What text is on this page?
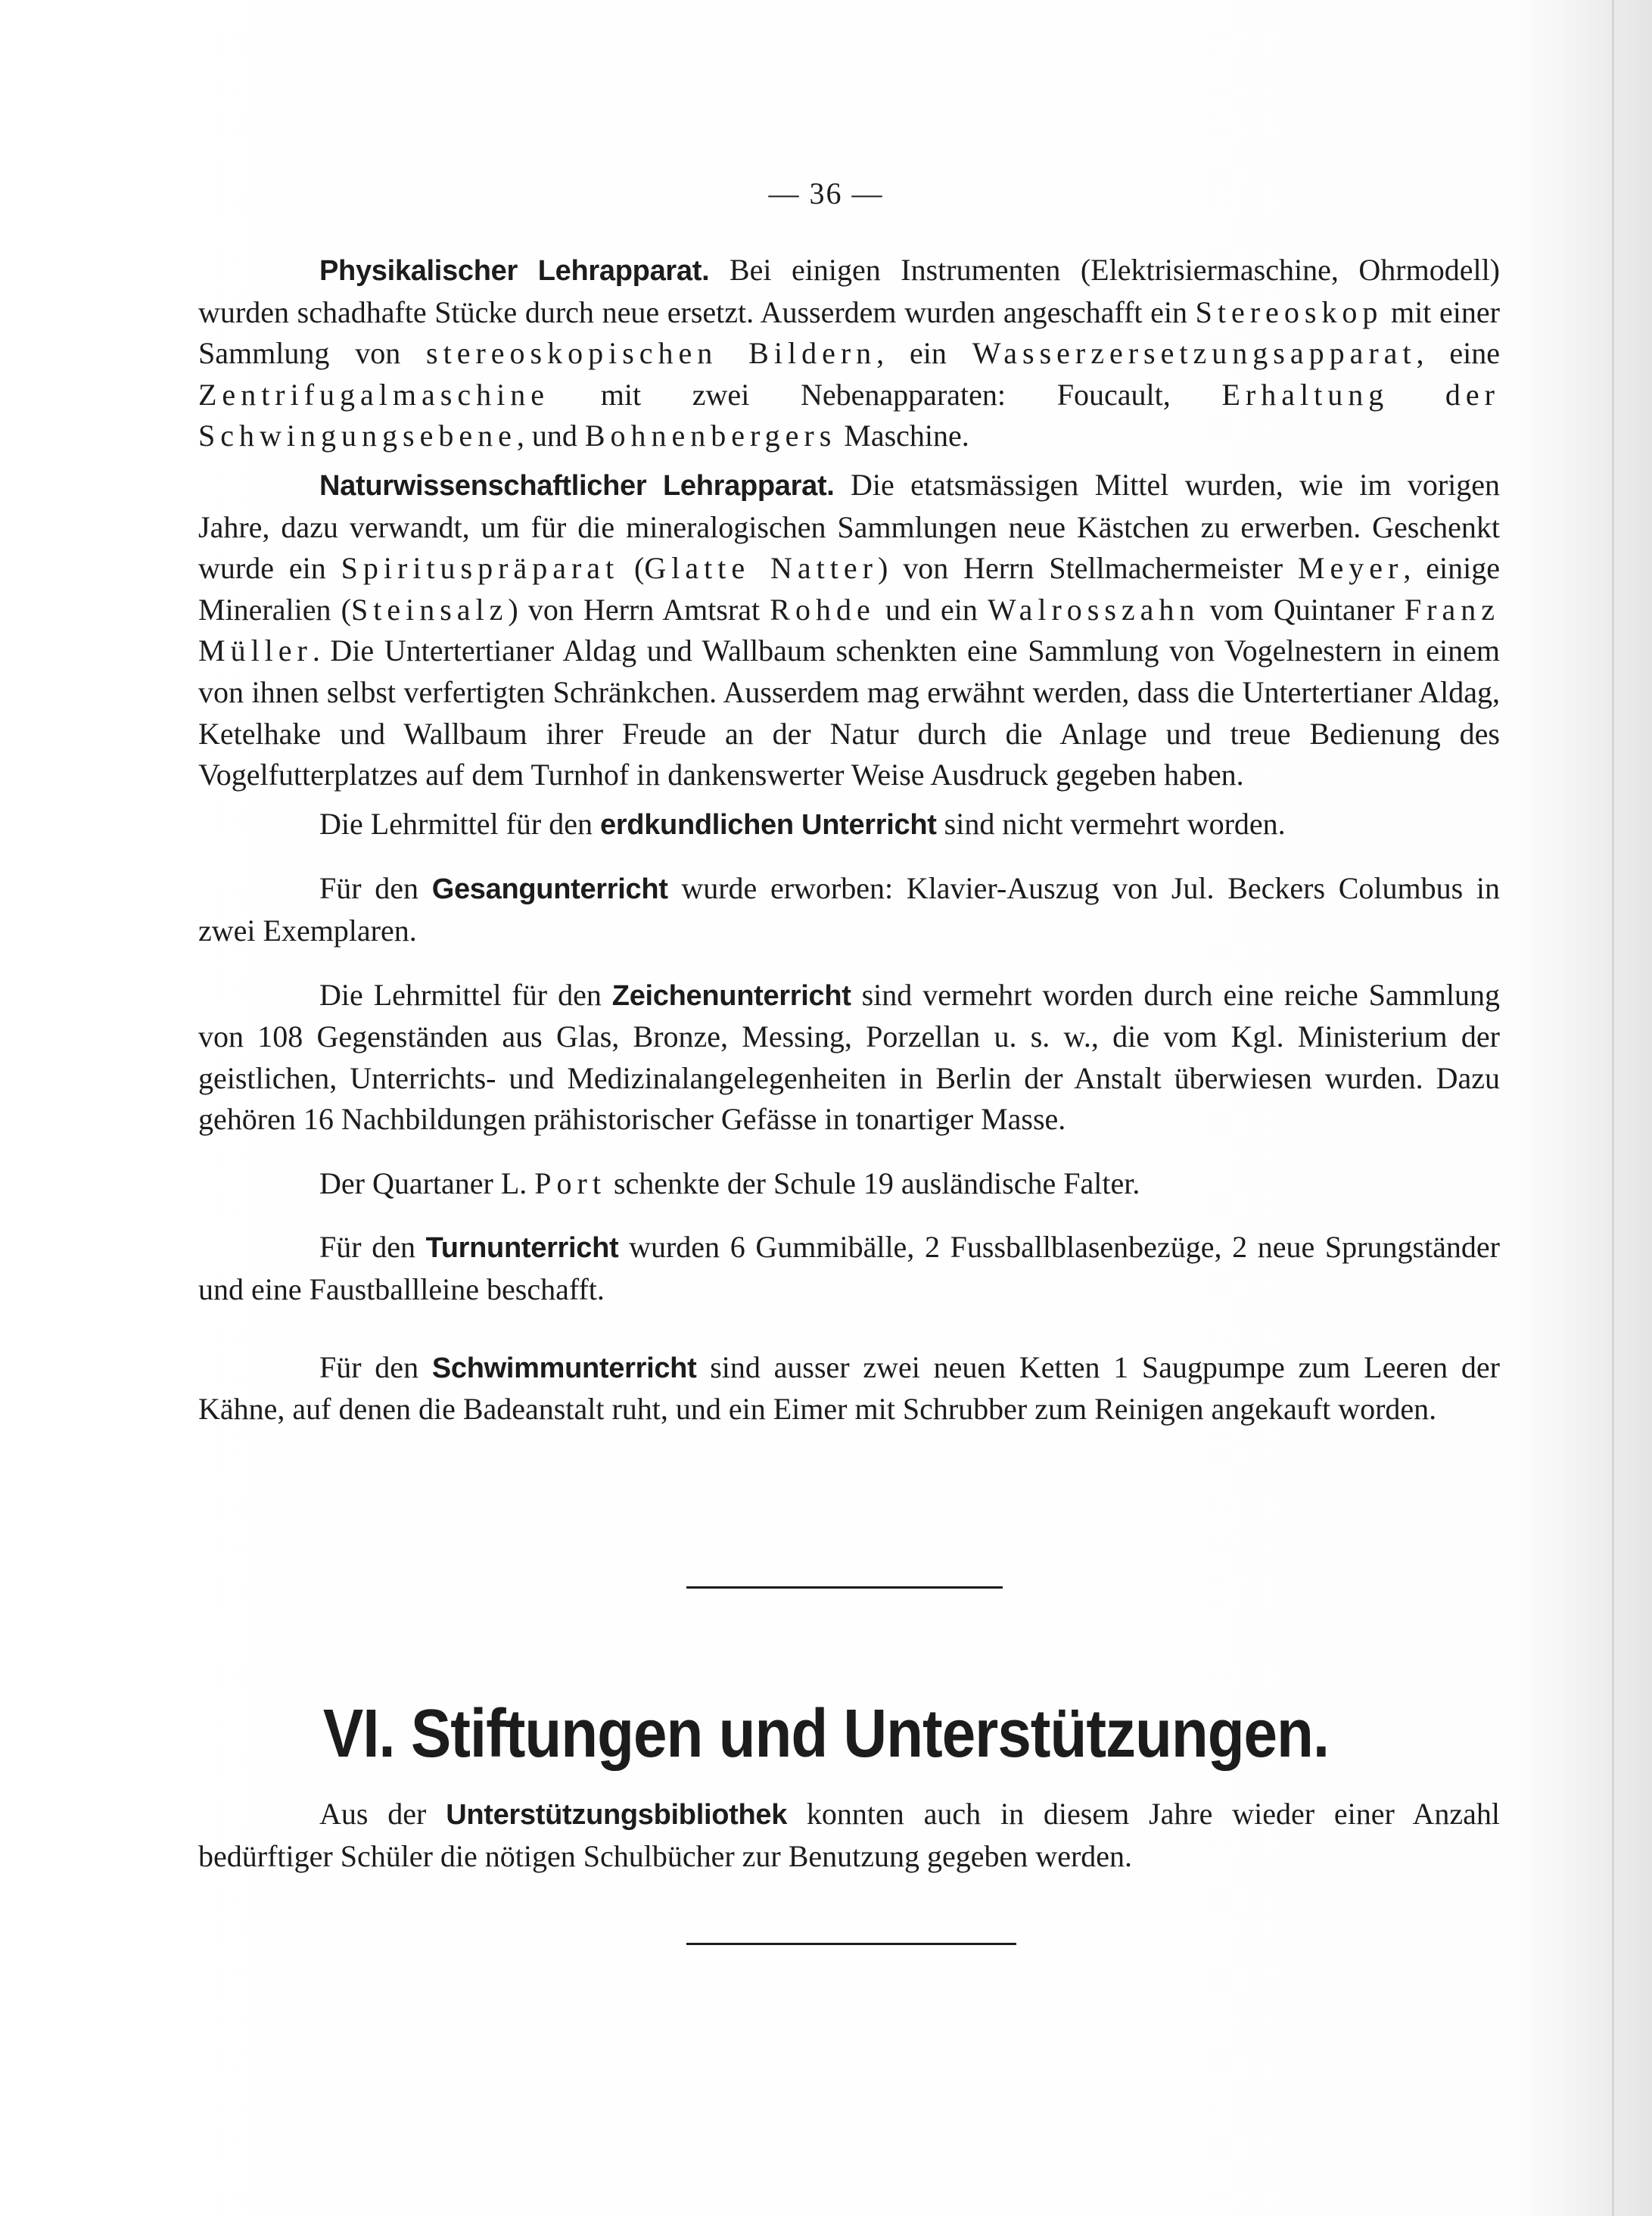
— 36 —

Physikalischer Lehrapparat. Bei einigen Instrumenten (Elektrisiermaschine, Ohrmodell) wurden schadhafte Stücke durch neue ersetzt. Ausserdem wurden angeschafft ein Stereoskop mit einer Sammlung von stereoskopischen Bildern, ein Wasserzersetzungsapparat, eine Zentrifugalmaschine mit zwei Nebenapparaten: Foucault, Erhaltung der Schwingungsebene, und Bohnenbergers Maschine.

Naturwissenschaftlicher Lehrapparat. Die etatsmässigen Mittel wurden, wie im vorigen Jahre, dazu verwandt, um für die mineralogischen Sammlungen neue Kästchen zu erwerben. Geschenkt wurde ein Spirituspräparat (Glatte Natter) von Herrn Stellmachermeister Meyer, einige Mineralien (Steinsalz) von Herrn Amtsrat Rohde und ein Walrosszahn vom Quintaner Franz Müller. Die Untertertianer Aldag und Wallbaum schenkten eine Sammlung von Vogelnestern in einem von ihnen selbst verfertigten Schränkchen. Ausserdem mag erwähnt werden, dass die Untertertianer Aldag, Ketelhake und Wallbaum ihrer Freude an der Natur durch die Anlage und treue Bedienung des Vogelfutterplatzes auf dem Turnhof in dankenswerter Weise Ausdruck gegeben haben.

Die Lehrmittel für den erdkundlichen Unterricht sind nicht vermehrt worden.

Für den Gesangunterricht wurde erworben: Klavier-Auszug von Jul. Beckers Columbus in zwei Exemplaren.

Die Lehrmittel für den Zeichenunterricht sind vermehrt worden durch eine reiche Sammlung von 108 Gegenständen aus Glas, Bronze, Messing, Porzellan u. s. w., die vom Kgl. Ministerium der geistlichen, Unterrichts- und Medizinalangelegenheiten in Berlin der Anstalt überwiesen wurden. Dazu gehören 16 Nachbildungen prähistorischer Gefässe in tonartiger Masse.

Der Quartaner L. Port schenkte der Schule 19 ausländische Falter.

Für den Turnunterricht wurden 6 Gummibälle, 2 Fussballblasenbezüge, 2 neue Sprungständer und eine Faustballleine beschafft.

Für den Schwimmunterricht sind ausser zwei neuen Ketten 1 Saugpumpe zum Leeren der Kähne, auf denen die Badeanstalt ruht, und ein Eimer mit Schrubber zum Reinigen angekauft worden.

VI. Stiftungen und Unterstützungen.

Aus der Unterstützungsbibliothek konnten auch in diesem Jahre wieder einer Anzahl bedürftiger Schüler die nötigen Schulbücher zur Benutzung gegeben werden.
